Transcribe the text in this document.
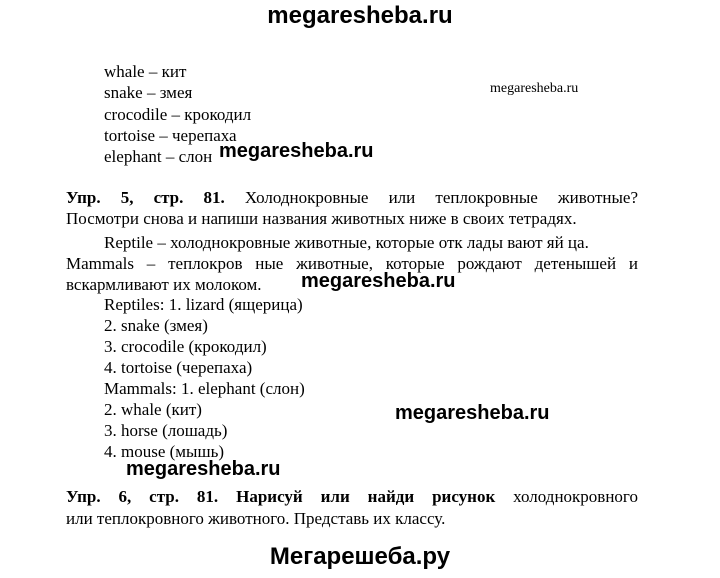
megaresheba.ru
whale – кит
snake – змея
crocodile – крокодил
tortoise – черепаха
elephant – слон
megaresheba.ru
megaresheba.ru
Упр. 5, стр. 81. Холоднокровные или теплокровные животные?
Посмотри снова и напиши названия животных ниже в своих тетрадях.
Reptile – холоднокровные животные, которые отк лады вают яй ца.
Mammals – теплокров ные животные, которые рождают детенышей и
вскармливают их молоком. megaresheba.ru
Reptiles: 1. lizard (ящерица)
2. snake (змея)
3. crocodile (крокодил)
4. tortoise (черепаха)
Mammals: 1. elephant (слон)
2. whale (кит)
3. horse (лошадь)
4. mouse (мышь)
megaresheba.ru
megaresheba.ru
Упр. 6, стр. 81. Нарисуй или найди рисунок холоднокровного
или теплокровного животного. Представь их классу.
Мегарешеба.ру
